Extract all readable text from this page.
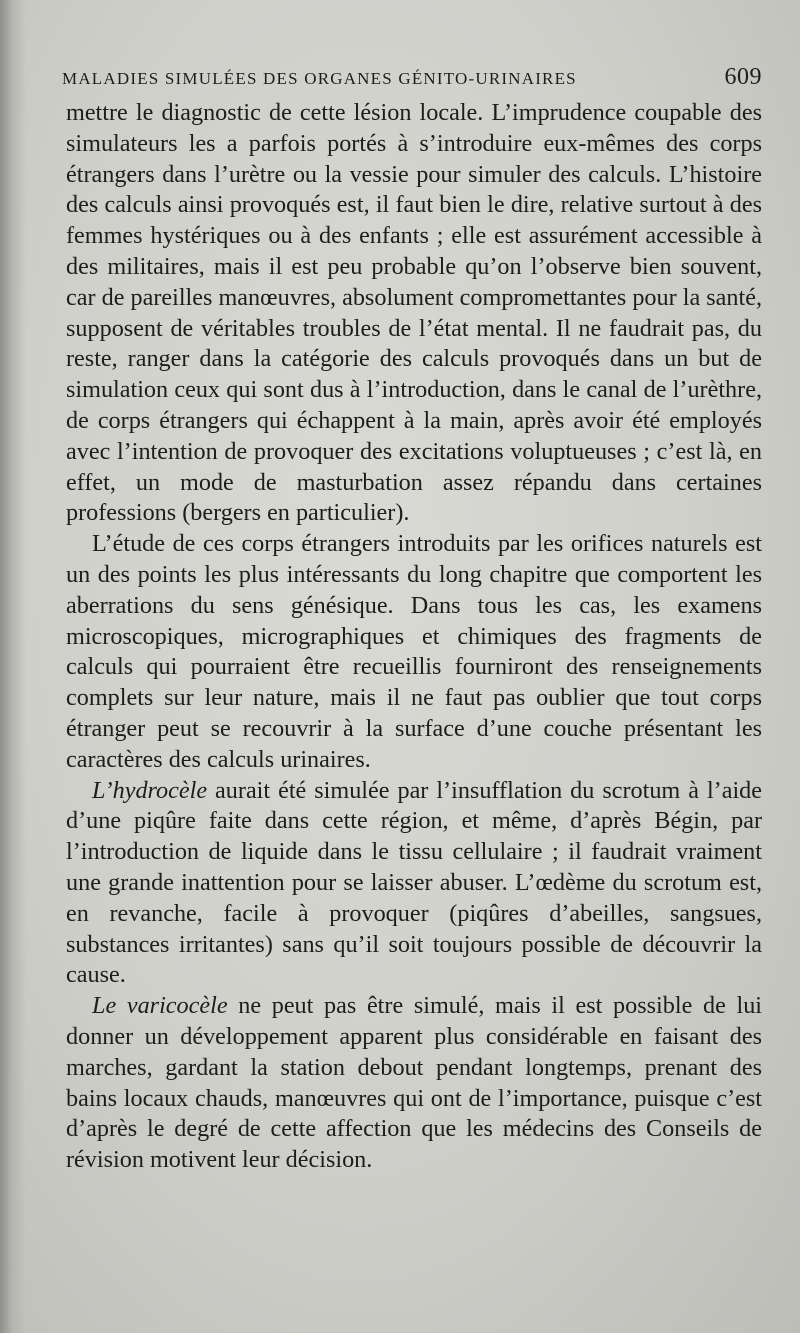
maladies simulées des organes génito-urinaires	609

mettre le diagnostic de cette lésion locale. L’imprudence coupable des simulateurs les a parfois portés à s’introduire eux-mêmes des corps étrangers dans l’urètre ou la vessie pour simuler des calculs. L’histoire des calculs ainsi provoqués est, il faut bien le dire, relative surtout à des femmes hystériques ou à des enfants ; elle est assurément accessible à des militaires, mais il est peu probable qu’on l’observe bien souvent, car de pareilles manœuvres, absolument compromettantes pour la santé, supposent de véritables troubles de l’état mental. Il ne faudrait pas, du reste, ranger dans la catégorie des calculs provoqués dans un but de simulation ceux qui sont dus à l’introduction, dans le canal de l’urèthre, de corps étrangers qui échappent à la main, après avoir été employés avec l’intention de provoquer des excitations voluptueuses ; c’est là, en effet, un mode de masturbation assez répandu dans certaines professions (bergers en particulier).

L’étude de ces corps étrangers introduits par les orifices naturels est un des points les plus intéressants du long chapitre que comportent les aberrations du sens génésique. Dans tous les cas, les examens microscopiques, micrographiques et chimiques des fragments de calculs qui pourraient être recueillis fourniront des renseignements complets sur leur nature, mais il ne faut pas oublier que tout corps étranger peut se recouvrir à la surface d’une couche présentant les caractères des calculs urinaires.

L’hydrocèle aurait été simulée par l’insufflation du scrotum à l’aide d’une piqûre faite dans cette région, et même, d’après Bégin, par l’introduction de liquide dans le tissu cellulaire ; il faudrait vraiment une grande inattention pour se laisser abuser. L’œdème du scrotum est, en revanche, facile à provoquer (piqûres d’abeilles, sangsues, substances irritantes) sans qu’il soit toujours possible de découvrir la cause.

Le varicocèle ne peut pas être simulé, mais il est possible de lui donner un développement apparent plus considérable en faisant des marches, gardant la station debout pendant longtemps, prenant des bains locaux chauds, manœuvres qui ont de l’importance, puisque c’est d’après le degré de cette affection que les médecins des Conseils de révision motivent leur décision.
